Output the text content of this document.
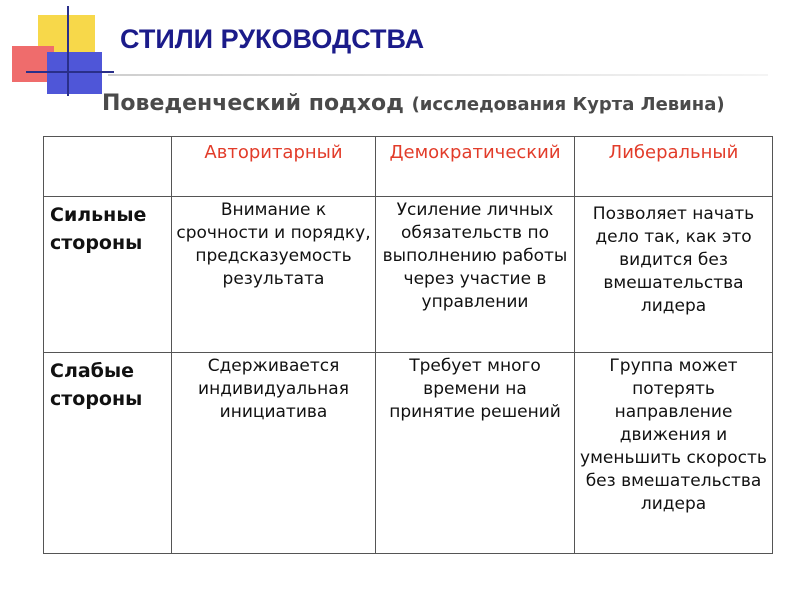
СТИЛИ РУКОВОДСТВА
Поведенческий подход (исследования Курта Левина)
	Авторитарный	Демократический	Либеральный
Сильные стороны	Внимание к срочности и порядку, предсказуемость результата	Усиление личных обязательств по выполнению работы через участие в управлении	Позволяет начать дело так, как это видится без вмешательства лидера
Слабые стороны	Сдерживается индивидуальная инициатива	Требует много времени на принятие решений	Группа может потерять направление движения и уменьшить скорость без вмешательства лидера
